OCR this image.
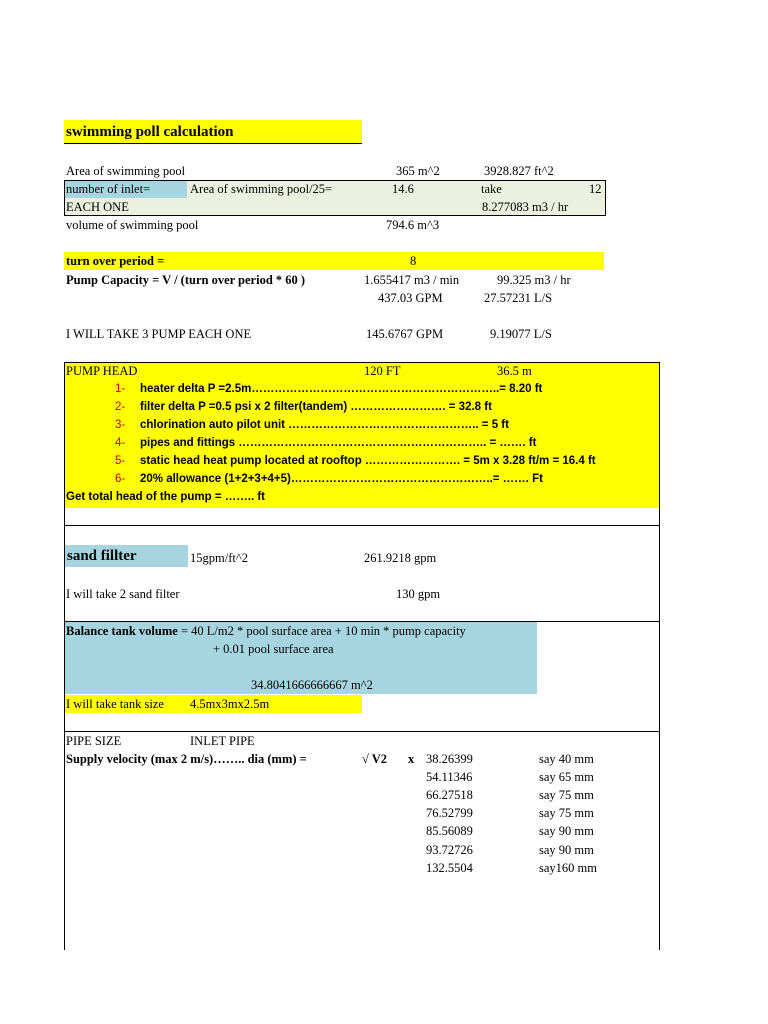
swimming poll calculation
Area of swimming pool	365 m^2	3928.827 ft^2
number of inlet=	Area of swimming pool/25=	14.6	take	12
EACH ONE	8.277083 m3 / hr
volume of swimming pool	794.6 m^3
turn over period =	8
Pump Capacity = V / (turn over period * 60 )	1.655417 m3 / min	99.325 m3 / hr
437.03 GPM	27.57231 L/S
I WILL TAKE 3 PUMP EACH ONE	145.6767 GPM	9.19077 L/S
PUMP HEAD	120 FT	36.5 m
1- heater delta P =2.5m………………………………………………………..= 8.20 ft
2- filter delta P =0.5 psi x 2 filter(tandem) ……………………. = 32.8 ft
3- chlorination auto pilot unit ………………………………………….. = 5 ft
4- pipes and fittings ……………………………………………………….. = ……. ft
5- static head heat pump located at rooftop ……………………. = 5m x 3.28 ft/m = 16.4 ft
6- 20% allowance (1+2+3+4+5)……………………………………………..= ……. Ft
Get total head of the pump = …….. ft
sand fillter	15gpm/ft^2	261.9218 gpm
I will take 2 sand filter	130 gpm
Balance tank volume = 40 L/m2 * pool surface area + 10 min * pump capacity
+ 0.01 pool surface area
34.8041666666667 m^2
I will take tank size 4.5mx3mx2.5m
PIPE SIZE	INLET PIPE
Supply velocity (max 2 m/s)…….. dia (mm) =	√ V2 x 38.26399	say 40 mm
54.11346	say 65 mm
66.27518	say 75 mm
76.52799	say 75 mm
85.56089	say 90 mm
93.72726	say 90 mm
132.5504	say160 mm
